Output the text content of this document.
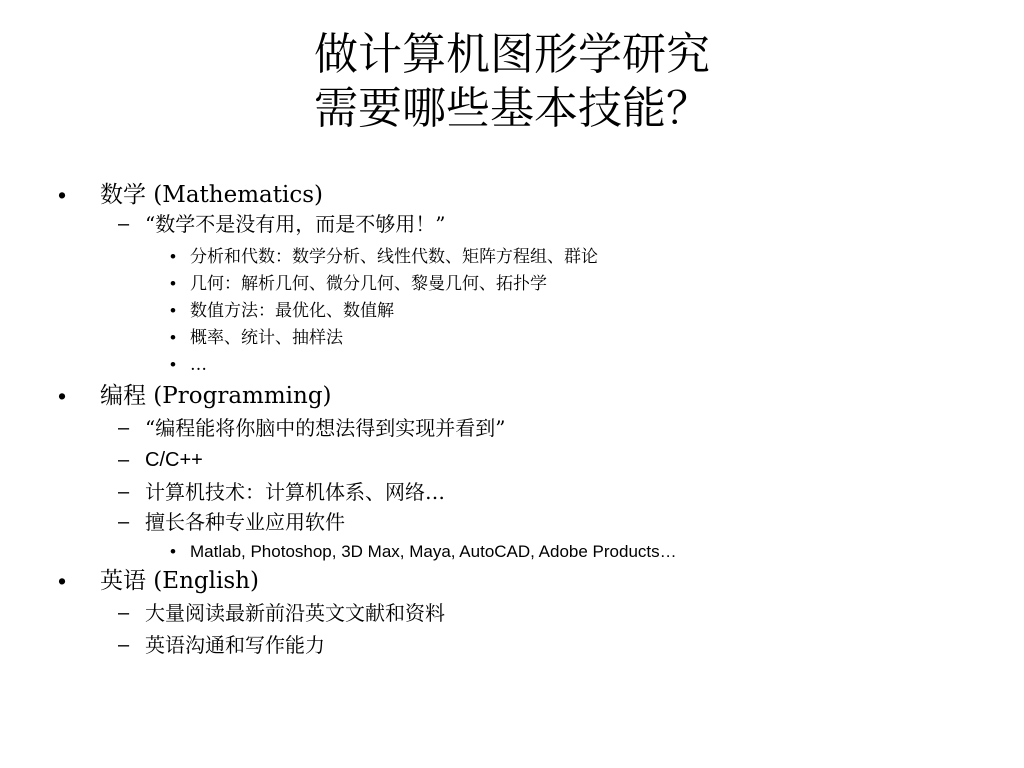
做计算机图形学研究
需要哪些基本技能？
• 数学 (Mathematics)
– “数学不是没有用，而是不够用！”
• 分析和代数：数学分析、线性代数、矩阵方程组、群论
• 几何：解析几何、微分几何、黎曼几何、拓扑学
• 数值方法：最优化、数值解
• 概率、统计、抽样法
• …
• 编程 (Programming)
– “编程能将你脑中的想法得到实现并看到”
– C/C++
– 计算机技术：计算机体系、网络…
– 擅长各种专业应用软件
• Matlab, Photoshop, 3D Max, Maya, AutoCAD, Adobe Products…
• 英语 (English)
– 大量阅读最新前沿英文文献和资料
– 英语沟通和写作能力
